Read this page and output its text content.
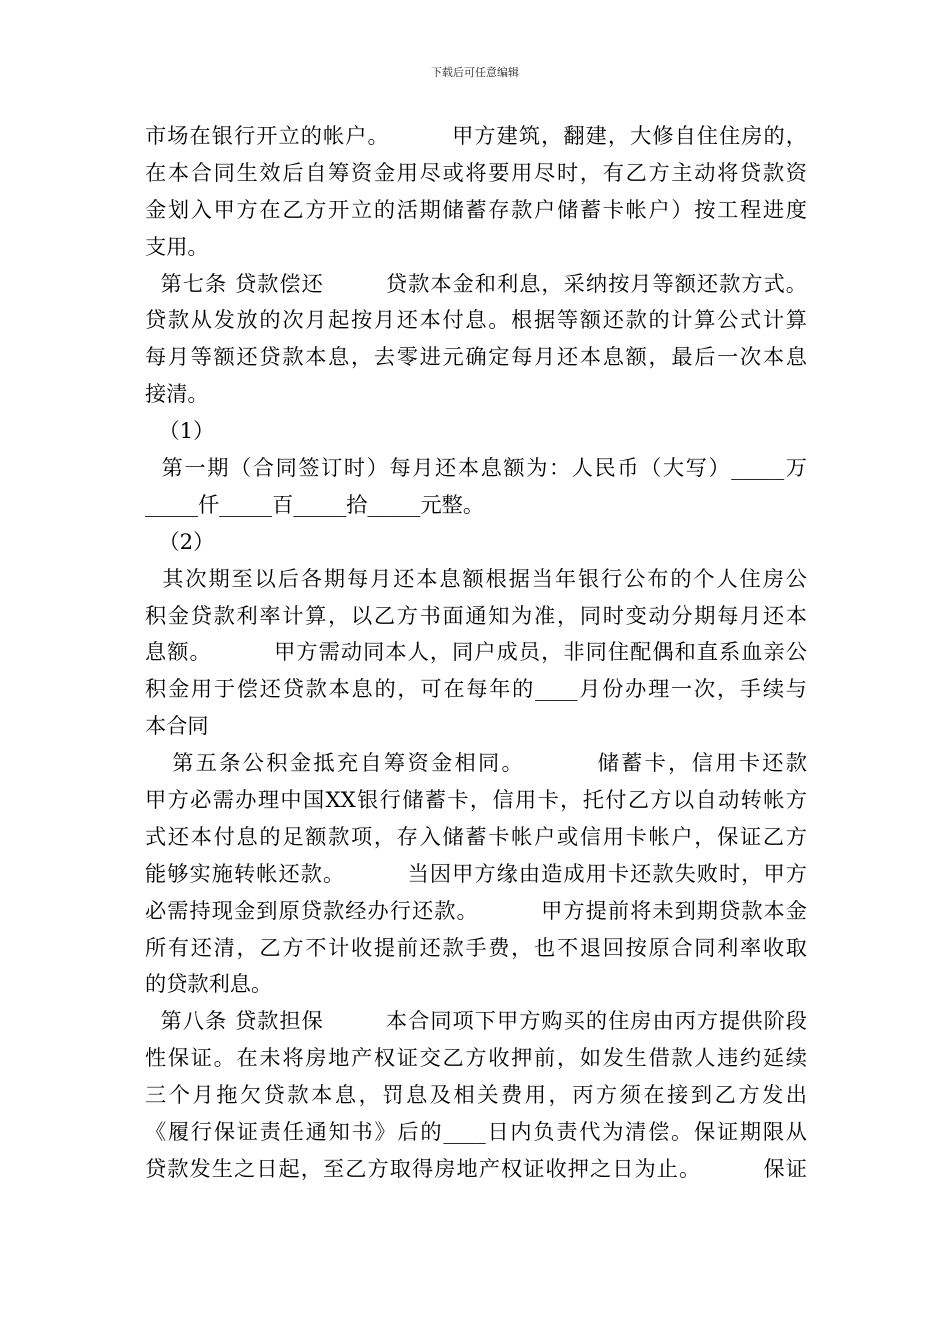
下载后可任意编辑
市场在银行开立的帐户。        甲方建筑，翻建，大修自住住房的，
在本合同生效后自筹资金用尽或将要用尽时，有乙方主动将贷款资
金划入甲方在乙方开立的活期储蓄存款户储蓄卡帐户）按工程进度
支用。
第七条 贷款偿还        贷款本金和利息，采纳按月等额还款方式。
贷款从发放的次月起按月还本付息。根据等额还款的计算公式计算
每月等额还贷款本息，去零进元确定每月还本息额，最后一次本息
接清。
（1）
第一期（合同签订时）每月还本息额为：人民币（大写）_____万
_____仟_____百_____拾_____元整。
（2）
其次期至以后各期每月还本息额根据当年银行公布的个人住房公
积金贷款利率计算，以乙方书面通知为准，同时变动分期每月还本
息额。        甲方需动同本人，同户成员，非同住配偶和直系血亲公
积金用于偿还贷款本息的，可在每年的____月份办理一次，手续与
本合同
第五条公积金抵充自筹资金相同。        储蓄卡，信用卡还款
甲方必需办理中国XX银行储蓄卡，信用卡，托付乙方以自动转帐方
式还本付息的足额款项，存入储蓄卡帐户或信用卡帐户，保证乙方
能够实施转帐还款。        当因甲方缘由造成用卡还款失败时，甲方
必需持现金到原贷款经办行还款。        甲方提前将未到期贷款本金
所有还清，乙方不计收提前还款手费，也不退回按原合同利率收取
的贷款利息。
第八条 贷款担保        本合同项下甲方购买的住房由丙方提供阶段
性保证。在未将房地产权证交乙方收押前，如发生借款人违约延续
三个月拖欠贷款本息，罚息及相关费用，丙方须在接到乙方发出
《履行保证责任通知书》后的____日内负责代为清偿。保证期限从
贷款发生之日起，至乙方取得房地产权证收押之日为止。        保证
